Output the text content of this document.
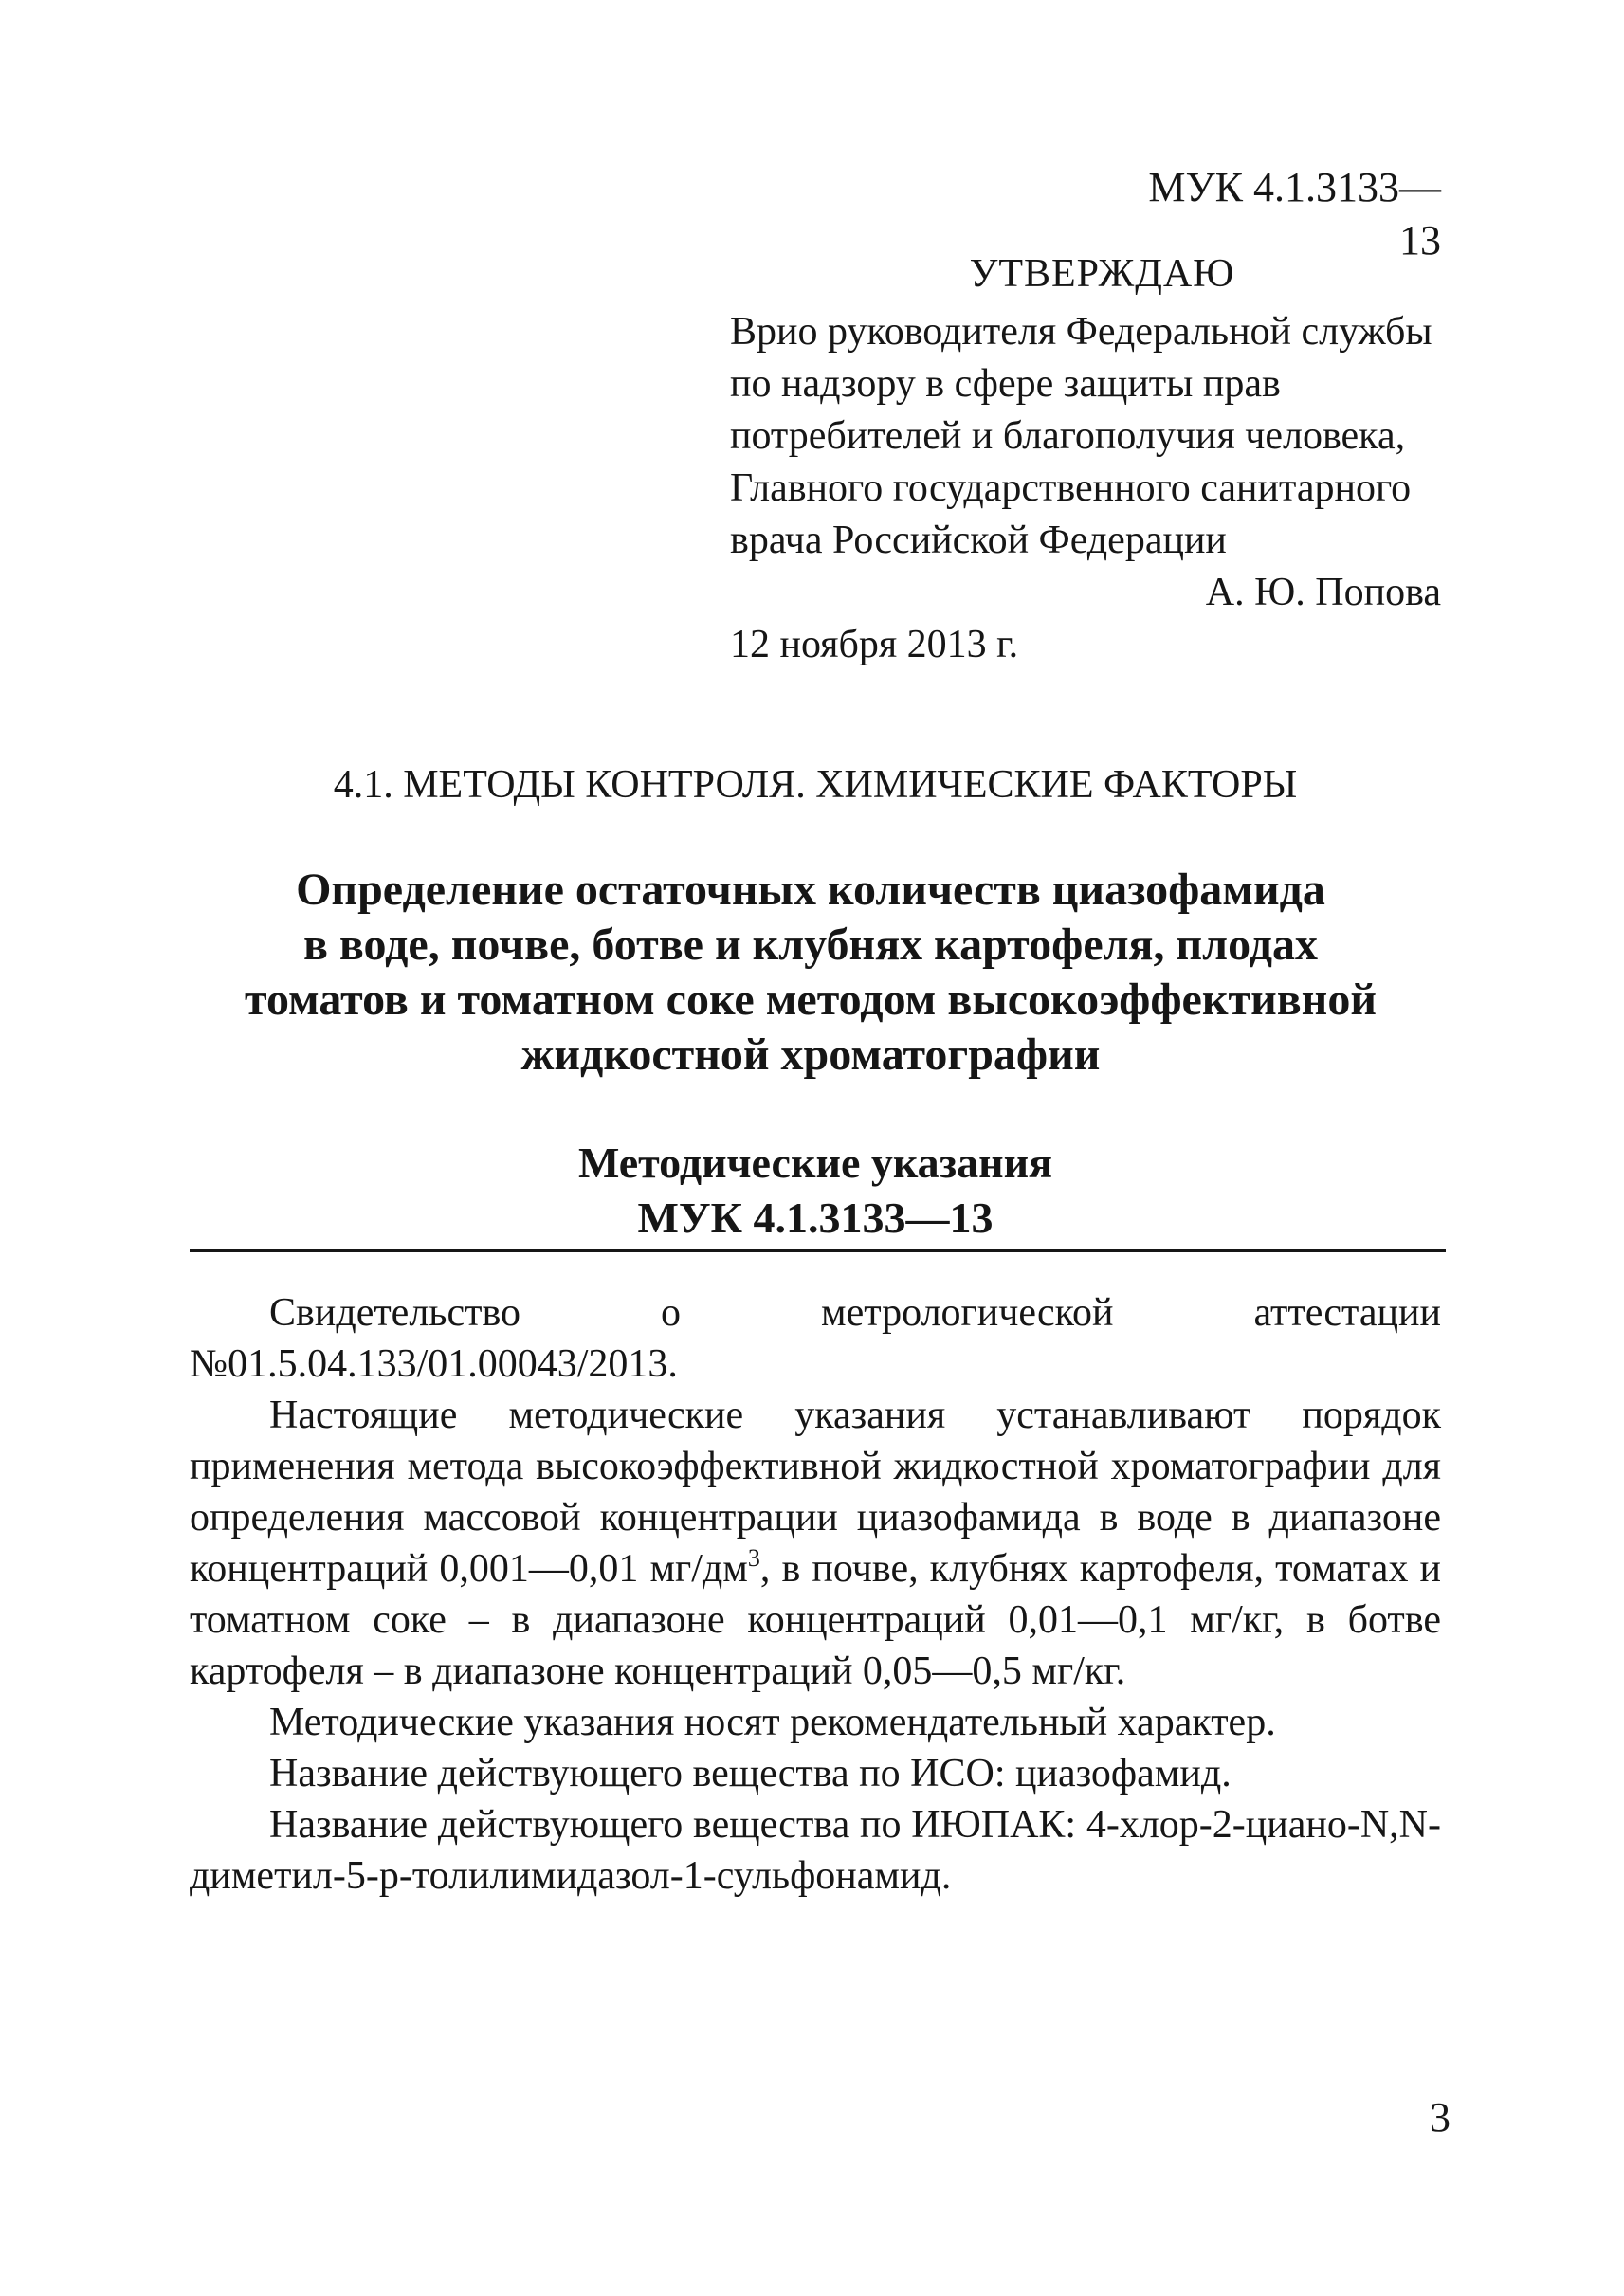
МУК 4.1.3133—13
УТВЕРЖДАЮ
Врио руководителя Федеральной службы
по надзору в сфере защиты прав
потребителей и благополучия человека,
Главного государственного санитарного
врача Российской Федерации
А. Ю. Попова
12 ноября 2013 г.
4.1. МЕТОДЫ КОНТРОЛЯ. ХИМИЧЕСКИЕ ФАКТОРЫ
Определение остаточных количеств циазофамида
в воде, почве, ботве и клубнях картофеля, плодах
томатов и томатном соке методом высокоэффективной
жидкостной хроматографии
Методические указания
МУК 4.1.3133—13

Свидетельство о метрологической аттестации №01.5.04.133/01.00043/2013.

Настоящие методические указания устанавливают порядок применения метода высокоэффективной жидкостной хроматографии для определения массовой концентрации циазофамида в воде в диапазоне концентраций 0,001—0,01 $мг/дм^3$, в почве, клубнях картофеля, томатах и томатном соке – в диапазоне концентраций 0,01—0,1 мг/кг, в ботве картофеля – в диапазоне концентраций 0,05—0,5 мг/кг.

Методические указания носят рекомендательный характер.

Название действующего вещества по ИСО: циазофамид.

Название действующего вещества по ИЮПАК: 4-хлор-2-циано-N,N-диметил-5-р-толилимидазол-1-сульфонамид.

3
